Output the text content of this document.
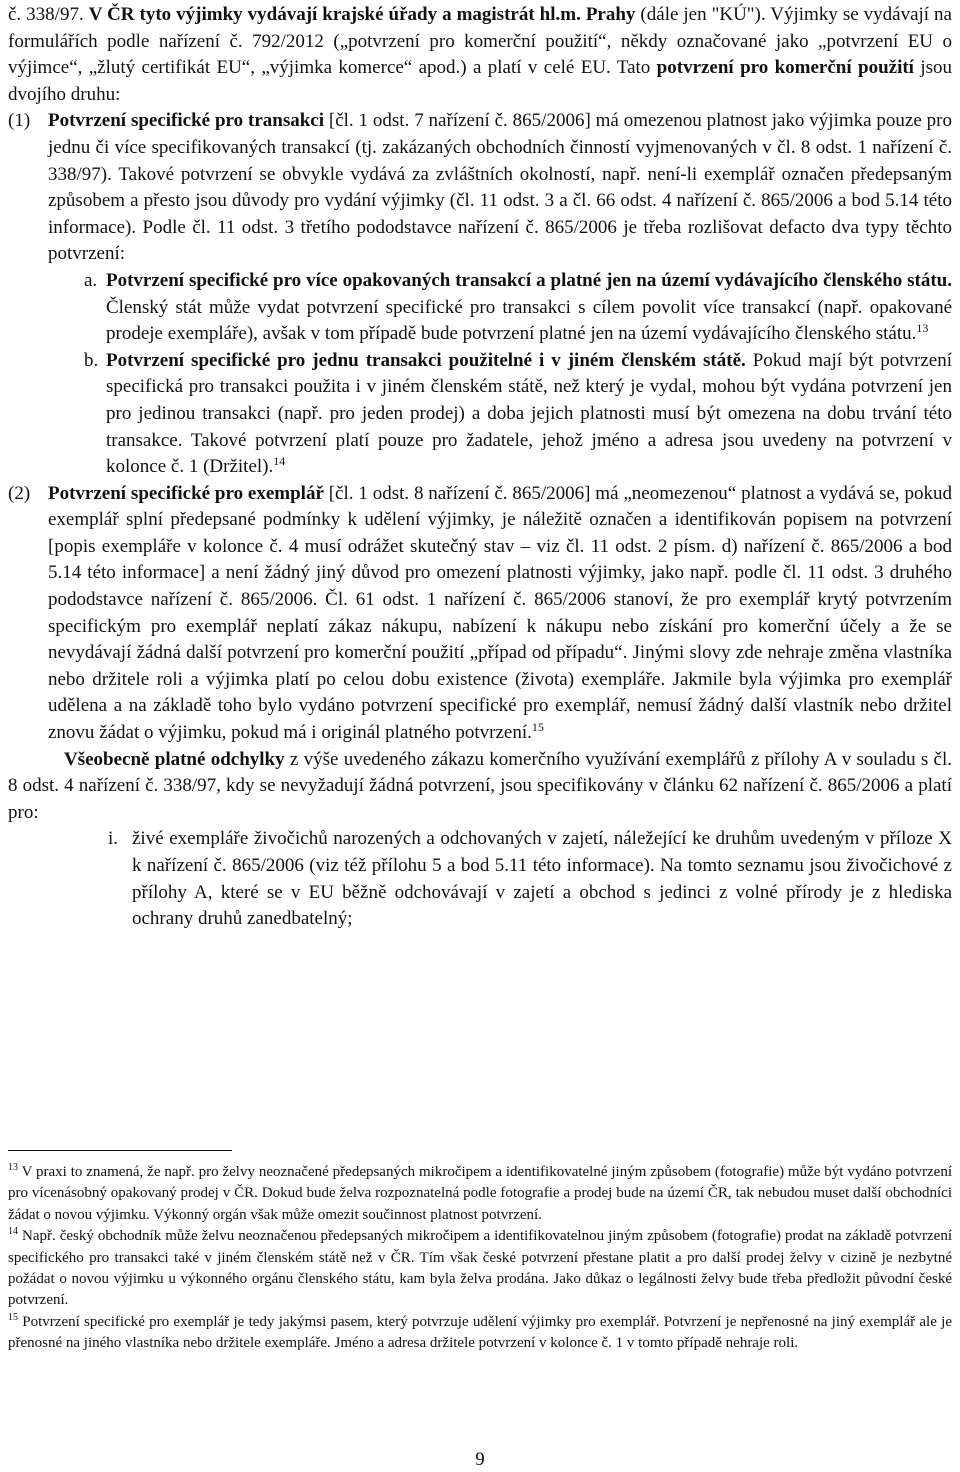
č. 338/97. V ČR tyto výjimky vydávají krajské úřady a magistrát hl.m. Prahy (dále jen "KÚ"). Výjimky se vydávají na formulářích podle nařízení č. 792/2012 („potvrzení pro komerční použití“, někdy označované jako „potvrzení EU o výjimce“, „žlutý certifikát EU“, „výjimka komerce“ apod.) a platí v celé EU. Tato potvrzení pro komerční použití jsou dvojího druhu:

(1) Potvrzení specifické pro transakci [čl. 1 odst. 7 nařízení č. 865/2006] má omezenou platnost jako výjimka pouze pro jednu či více specifikovaných transakcí (tj. zakázaných obchodních činností vyjmenovaných v čl. 8 odst. 1 nařízení č. 338/97). Takové potvrzení se obvykle vydává za zvláštních okolností, např. není-li exemplář označen předepsaným způsobem a přesto jsou důvody pro vydání výjimky (čl. 11 odst. 3 a čl. 66 odst. 4 nařízení č. 865/2006 a bod 5.14 této informace). Podle čl. 11 odst. 3 třetího pododstavce nařízení č. 865/2006 je třeba rozlišovat defacto dva typy těchto potvrzení:
a. Potvrzení specifické pro více opakovaných transakcí a platné jen na území vydávajícího členského státu. Členský stát může vydat potvrzení specifické pro transakci s cílem povolit více transakcí (např. opakované prodeje exempláře), avšak v tom případě bude potvrzení platné jen na území vydávajícího členského státu.$^{13}$
b. Potvrzení specifické pro jednu transakci použitelné i v jiném členském státě. Pokud mají být potvrzení specifická pro transakci použita i v jiném členském státě, než který je vydal, mohou být vydána potvrzení jen pro jedinou transakci (např. pro jeden prodej) a doba jejich platnosti musí být omezena na dobu trvání této transakce. Takové potvrzení platí pouze pro žadatele, jehož jméno a adresa jsou uvedeny na potvrzení v kolonce č. 1 (Držitel).$^{14}$
(2) Potvrzení specifické pro exemplář [čl. 1 odst. 8 nařízení č. 865/2006] má „neomezenou“ platnost a vydává se, pokud exemplář splní předepsané podmínky k udělení výjimky, je náležitě označen a identifikován popisem na potvrzení [popis exempláře v kolonce č. 4 musí odrážet skutečný stav – viz čl. 11 odst. 2 písm. d) nařízení č. 865/2006 a bod 5.14 této informace] a není žádný jiný důvod pro omezení platnosti výjimky, jako např. podle čl. 11 odst. 3 druhého pododstavce nařízení č. 865/2006. Čl. 61 odst. 1 nařízení č. 865/2006 stanoví, že pro exemplář krytý potvrzením specifickým pro exemplář neplatí zákaz nákupu, nabízení k nákupu nebo získání pro komerční účely a že se nevydávají žádná další potvrzení pro komerční použití „případ od případu“. Jinými slovy zde nehraje změna vlastníka nebo držitele roli a výjimka platí po celou dobu existence (života) exempláře. Jakmile byla výjimka pro exemplář udělena a na základě toho bylo vydáno potvrzení specifické pro exemplář, nemusí žádný další vlastník nebo držitel znovu žádat o výjimku, pokud má i originál platného potvrzení.$^{15}$

Všeobecně platné odchylky z výše uvedeného zákazu komerčního využívání exemplářů z přílohy A v souladu s čl. 8 odst. 4 nařízení č. 338/97, kdy se nevyžadují žádná potvrzení, jsou specifikovány v článku 62 nařízení č. 865/2006 a platí pro:

i. živé exempláře živočichů narozených a odchovaných v zajetí, náležející ke druhům uvedeným v příloze X k nařízení č. 865/2006 (viz též přílohu 5 a bod 5.11 této informace). Na tomto seznamu jsou živočichové z přílohy A, které se v EU běžně odchovávají v zajetí a obchod s jedinci z volné přírody je z hlediska ochrany druhů zanedbatelný;

$^{13}$ V praxi to znamená, že např. pro želvy neoznačené předepsaných mikročipem a identifikovatelné jiným způsobem (fotografie) může být vydáno potvrzení pro vícenásobný opakovaný prodej v ČR. Dokud bude želva rozpoznatelná podle fotografie a prodej bude na území ČR, tak nebudou muset další obchodníci žádat o novou výjimku. Výkonný orgán však může omezit součinnost platnost potvrzení.

$^{14}$ Např. český obchodník může želvu neoznačenou předepsaných mikročipem a identifikovatelnou jiným způsobem (fotografie) prodat na základě potvrzení specifického pro transakci také v jiném členském státě než v ČR. Tím však české potvrzení přestane platit a pro další prodej želvy v cizině je nezbytné požádat o novou výjimku u výkonného orgánu členského státu, kam byla želva prodána. Jako důkaz o legálnosti želvy bude třeba předložit původní české potvrzení.

$^{15}$ Potvrzení specifické pro exemplář je tedy jakýmsi pasem, který potvrzuje udělení výjimky pro exemplář. Potvrzení je nepřenosné na jiný exemplář ale je přenosné na jiného vlastníka nebo držitele exempláře. Jméno a adresa držitele potvrzení v kolonce č. 1 v tomto případě nehraje roli.

9
